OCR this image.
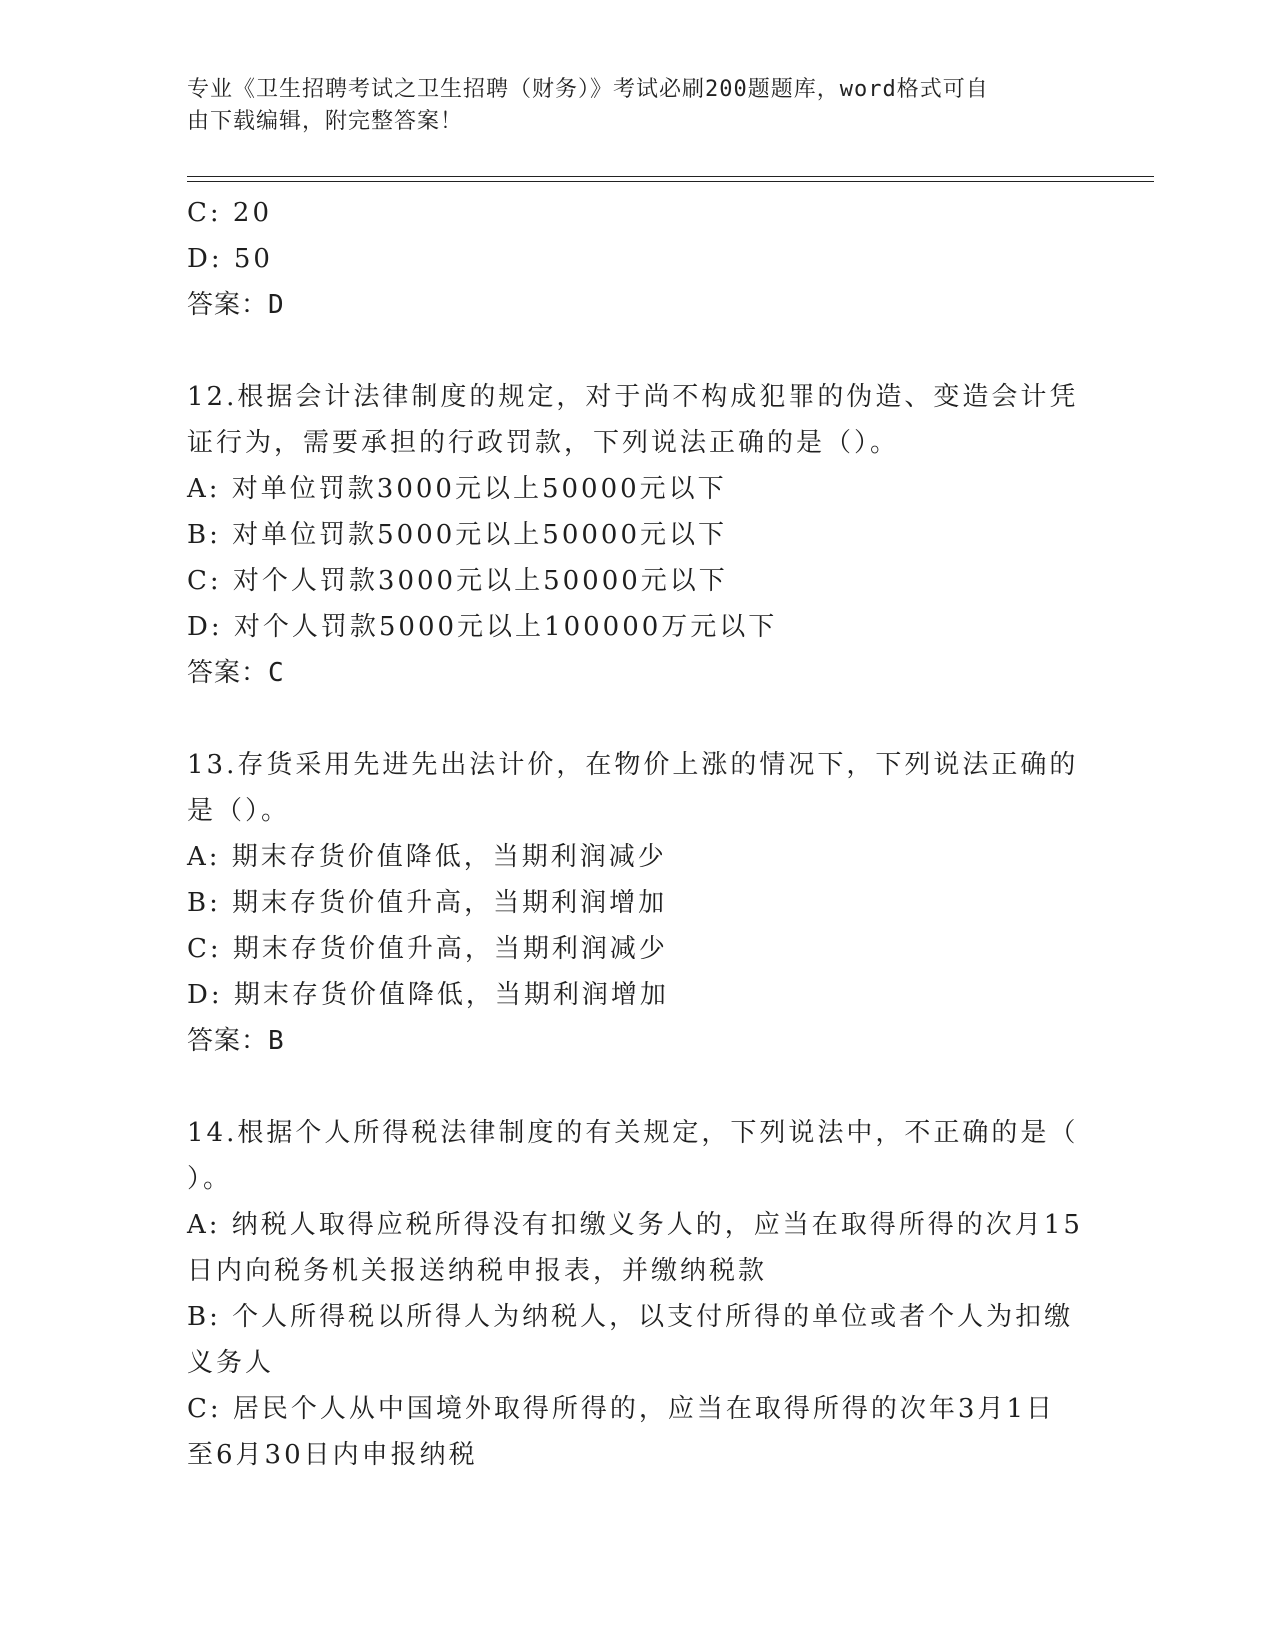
专业《卫生招聘考试之卫生招聘（财务）》考试必刷200题题库，word格式可自
由下载编辑，附完整答案！
C: 20
D: 50
答案：D
12.根据会计法律制度的规定，对于尚不构成犯罪的伪造、变造会计凭
证行为，需要承担的行政罚款，下列说法正确的是（）。
A: 对单位罚款3000元以上50000元以下
B: 对单位罚款5000元以上50000元以下
C: 对个人罚款3000元以上50000元以下
D: 对个人罚款5000元以上100000万元以下
答案：C
13.存货采用先进先出法计价，在物价上涨的情况下，下列说法正确的
是（）。
A: 期末存货价值降低，当期利润减少
B: 期末存货价值升高，当期利润增加
C: 期末存货价值升高，当期利润减少
D: 期末存货价值降低，当期利润增加
答案：B
14.根据个人所得税法律制度的有关规定，下列说法中，不正确的是（
）。
A: 纳税人取得应税所得没有扣缴义务人的，应当在取得所得的次月15
日内向税务机关报送纳税申报表，并缴纳税款
B: 个人所得税以所得人为纳税人，以支付所得的单位或者个人为扣缴
义务人
C: 居民个人从中国境外取得所得的，应当在取得所得的次年3月1日
至6月30日内申报纳税
